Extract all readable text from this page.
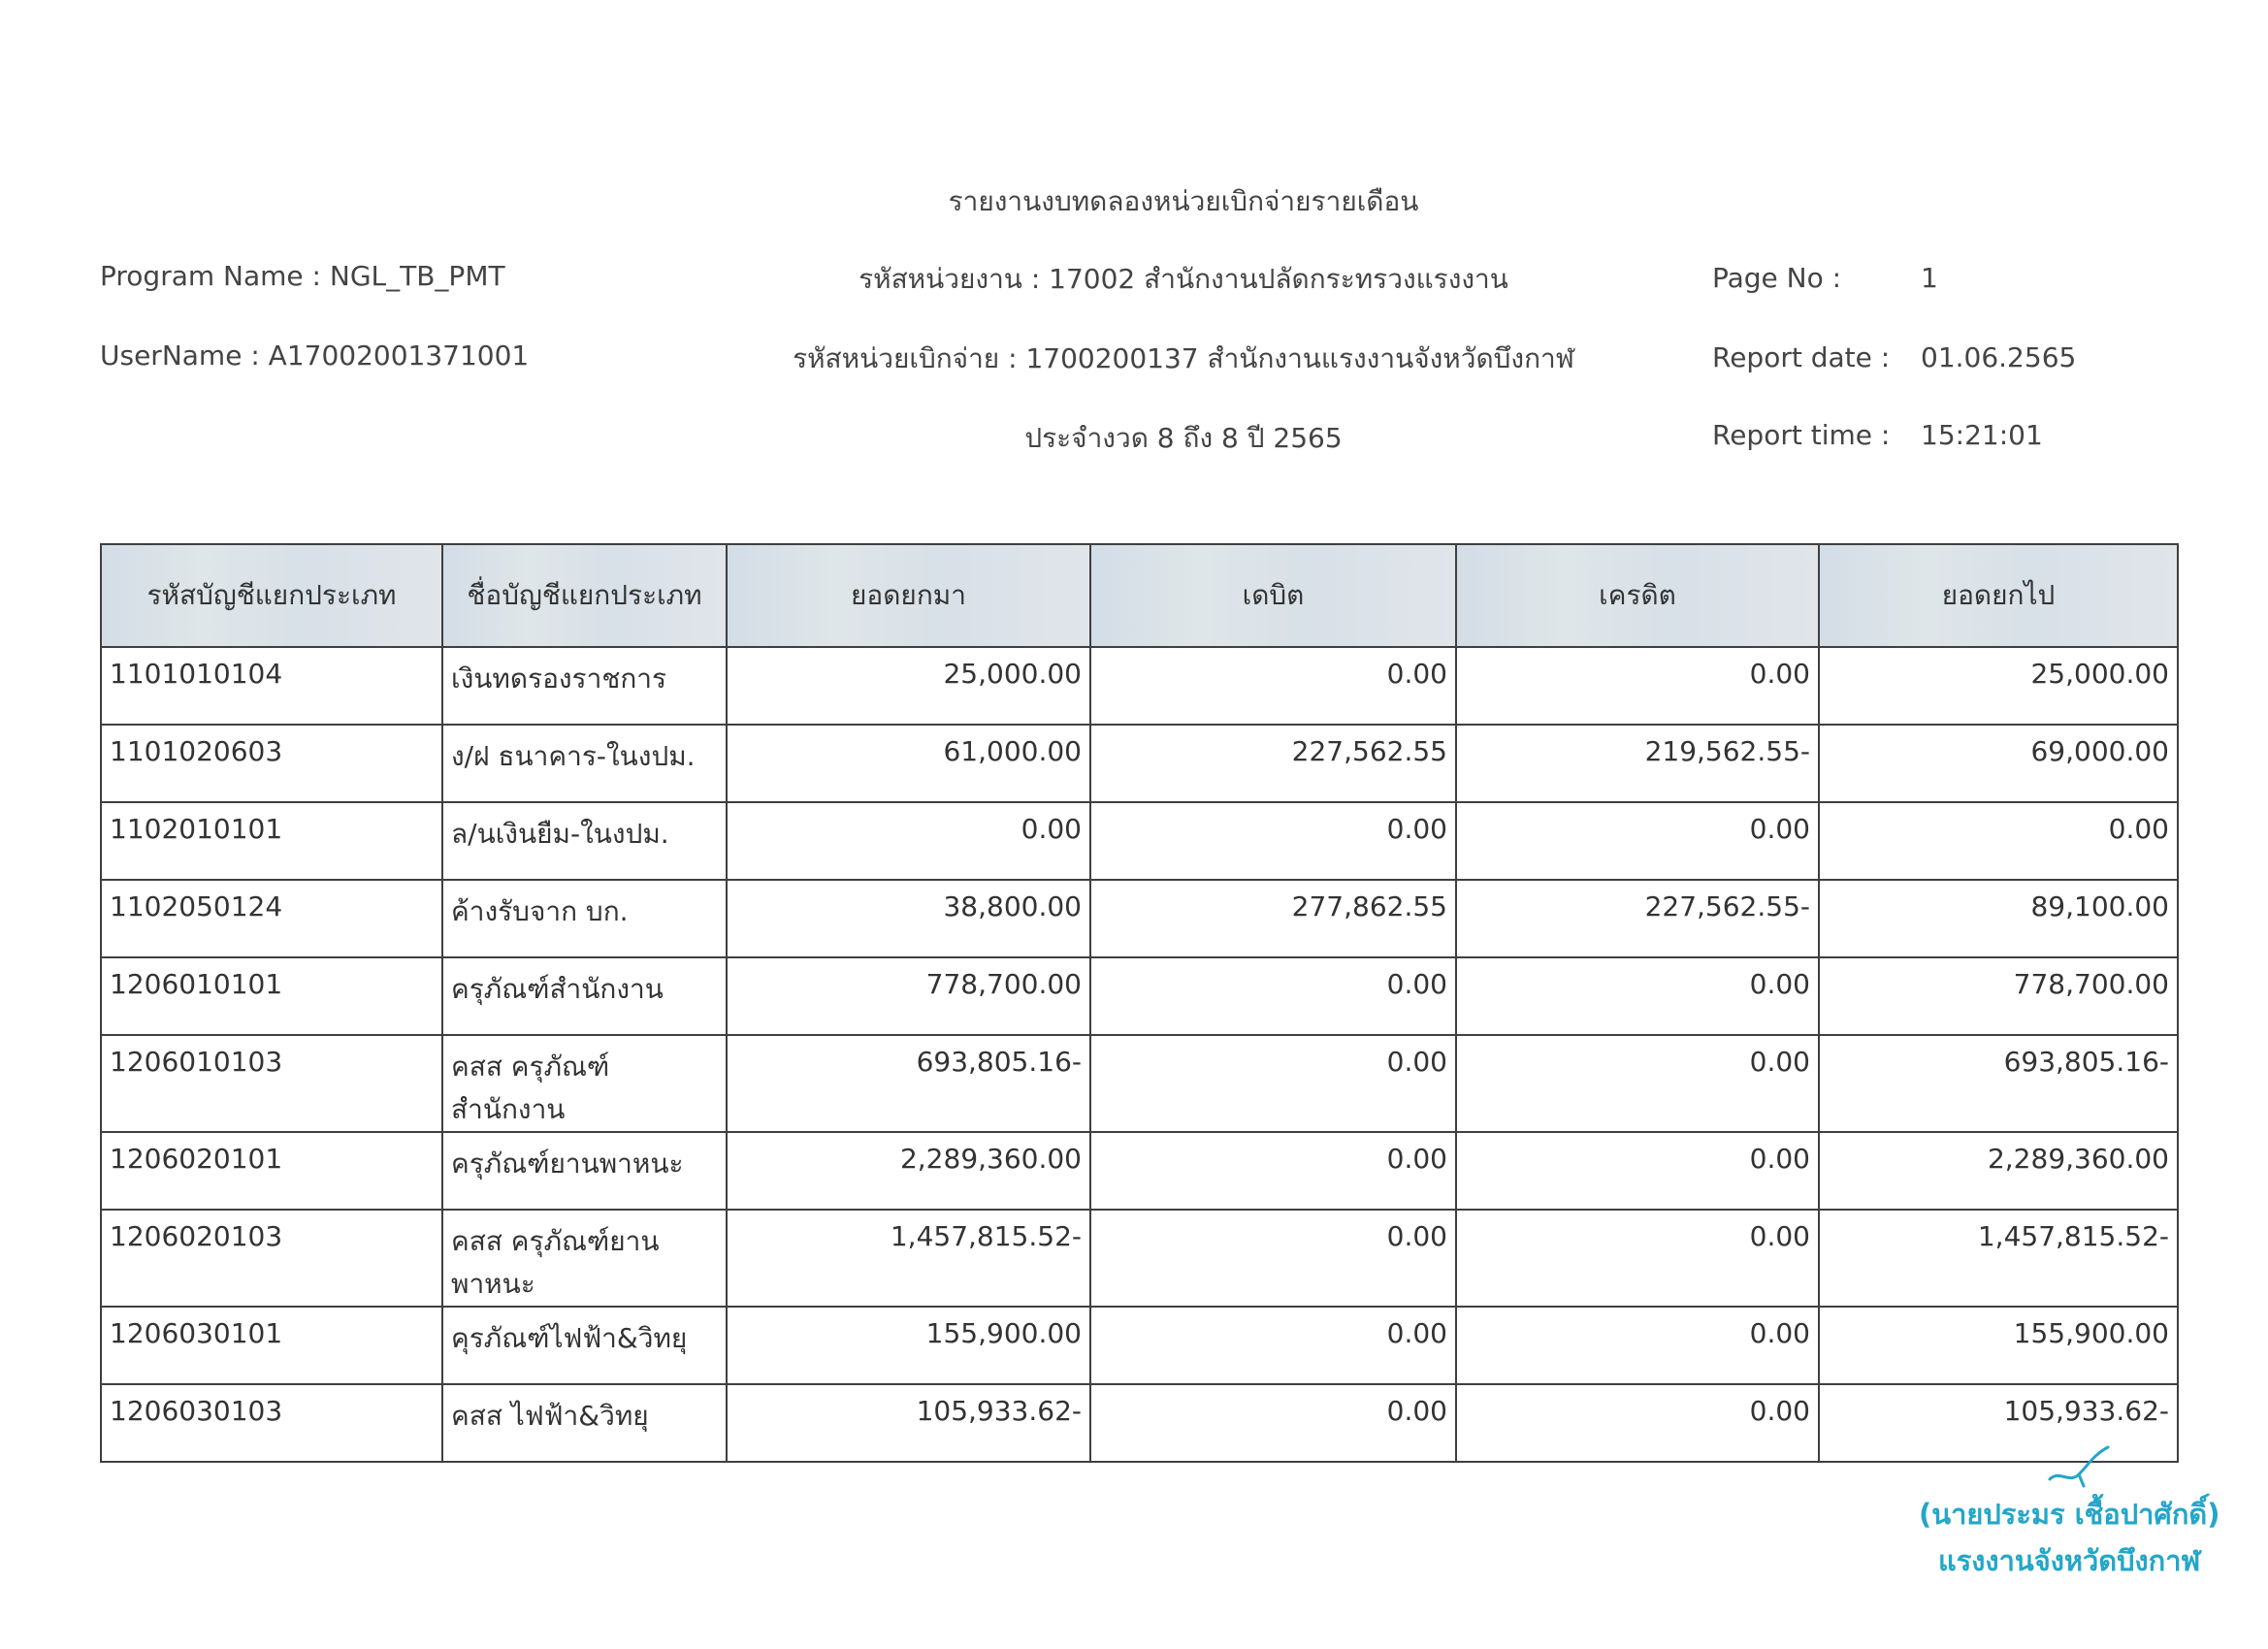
รายงานงบทดลองหน่วยเบิกจ่ายรายเดือน
Program Name : NGL_TB_PMT	รหัสหน่วยงาน : 17002 สำนักงานปลัดกระทรวงแรงงาน	Page No :	1
UserName : A17002001371001	รหัสหน่วยเบิกจ่าย : 1700200137 สำนักงานแรงงานจังหวัดบึงกาฬ	Report date : 01.06.2565
ประจำงวด 8 ถึง 8 ปี 2565	Report time : 15:21:01
รหัสบัญชีแยกประเภท	ชื่อบัญชีแยกประเภท	ยอดยกมา	เดบิต	เครดิต	ยอดยกไป
1101010104	เงินทดรองราชการ	25,000.00	0.00	0.00	25,000.00
1101020603	ง/ฝ ธนาคาร-ในงปม.	61,000.00	227,562.55	219,562.55-	69,000.00
1102010101	ล/นเงินยืม-ในงปม.	0.00	0.00	0.00	0.00
1102050124	ค้างรับจาก บก.	38,800.00	277,862.55	227,562.55-	89,100.00
1206010101	ครุภัณฑ์สำนักงาน	778,700.00	0.00	0.00	778,700.00
1206010103	คสส ครุภัณฑ์สำนักงาน	693,805.16-	0.00	0.00	693,805.16-
1206020101	ครุภัณฑ์ยานพาหนะ	2,289,360.00	0.00	0.00	2,289,360.00
1206020103	คสส ครุภัณฑ์ยานพาหนะ	1,457,815.52-	0.00	0.00	1,457,815.52-
1206030101	คุรภัณฑ์ไฟฟ้า&วิทยุ	155,900.00	0.00	0.00	155,900.00
1206030103	คสส ไฟฟ้า&วิทยุ	105,933.62-	0.00	0.00	105,933.62-
(นายประมร เชื้อปาศักดิ์)
แรงงานจังหวัดบึงกาฬ
